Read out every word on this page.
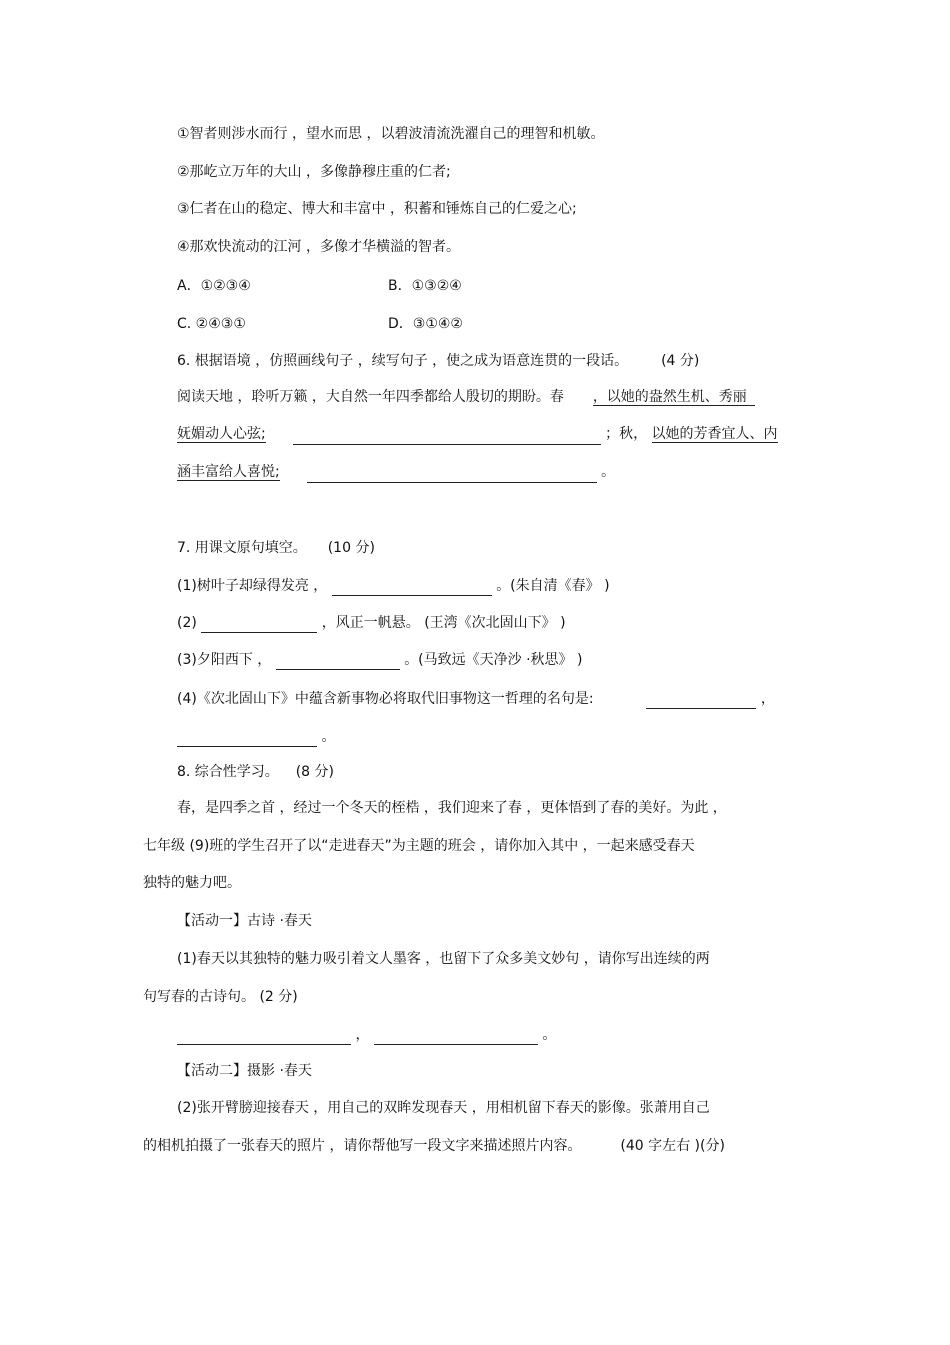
①智者则涉水而行 ，望水而思 ，以碧波清流洗濯自己的理智和机敏。
②那屹立万年的大山 ，多像静穆庄重的仁者;
③仁者在山的稳定、博大和丰富中 ，积蓄和锤炼自己的仁爱之心;
④那欢快流动的江河 ，多像才华横溢的智者。
A．①②③④	B．①③②④
C. ②④③①	D．③①④②
6. 根据语境 ，仿照画线句子 ，续写句子 ，使之成为语意连贯的一段话。 (4 分)
阅读天地 ，聆听万籁 ，大自然一年四季都给人殷切的期盼。春 ，以她的盎然生机、秀丽
妩媚动人心弦;	；秋， 以她的芳香宜人、内
涵丰富给人喜悦;	。
7. 用课文原句填空。 (10 分)
(1)树叶子却绿得发亮 ，	。(朱自清《春》 )
(2)	，风正一帆悬。 (王湾《次北固山下》 )
(3)夕阳西下 ，	。(马致远《天净沙 ·秋思》 )
(4)《次北固山下》中蕴含新事物必将取代旧事物这一哲理的名句是:	，
。
8. 综合性学习。 (8 分)
春，是四季之首 ，经过一个冬天的桎梏 ，我们迎来了春 ，更体悟到了春的美好。为此 ，
七年级 (9)班的学生召开了以“走进春天”为主题的班会 ，请你加入其中 ，一起来感受春天
独特的魅力吧。
【活动一】古诗 ·春天
(1)春天以其独特的魅力吸引着文人墨客 ，也留下了众多美文妙句 ，请你写出连续的两
句写春的古诗句。 (2 分)
，	。
【活动二】摄影 ·春天
(2)张开臂膀迎接春天 ，用自己的双眸发现春天 ，用相机留下春天的影像。张萧用自己
的相机拍摄了一张春天的照片 ，请你帮他写一段文字来描述照片内容。	(40 字左右 )(分)
